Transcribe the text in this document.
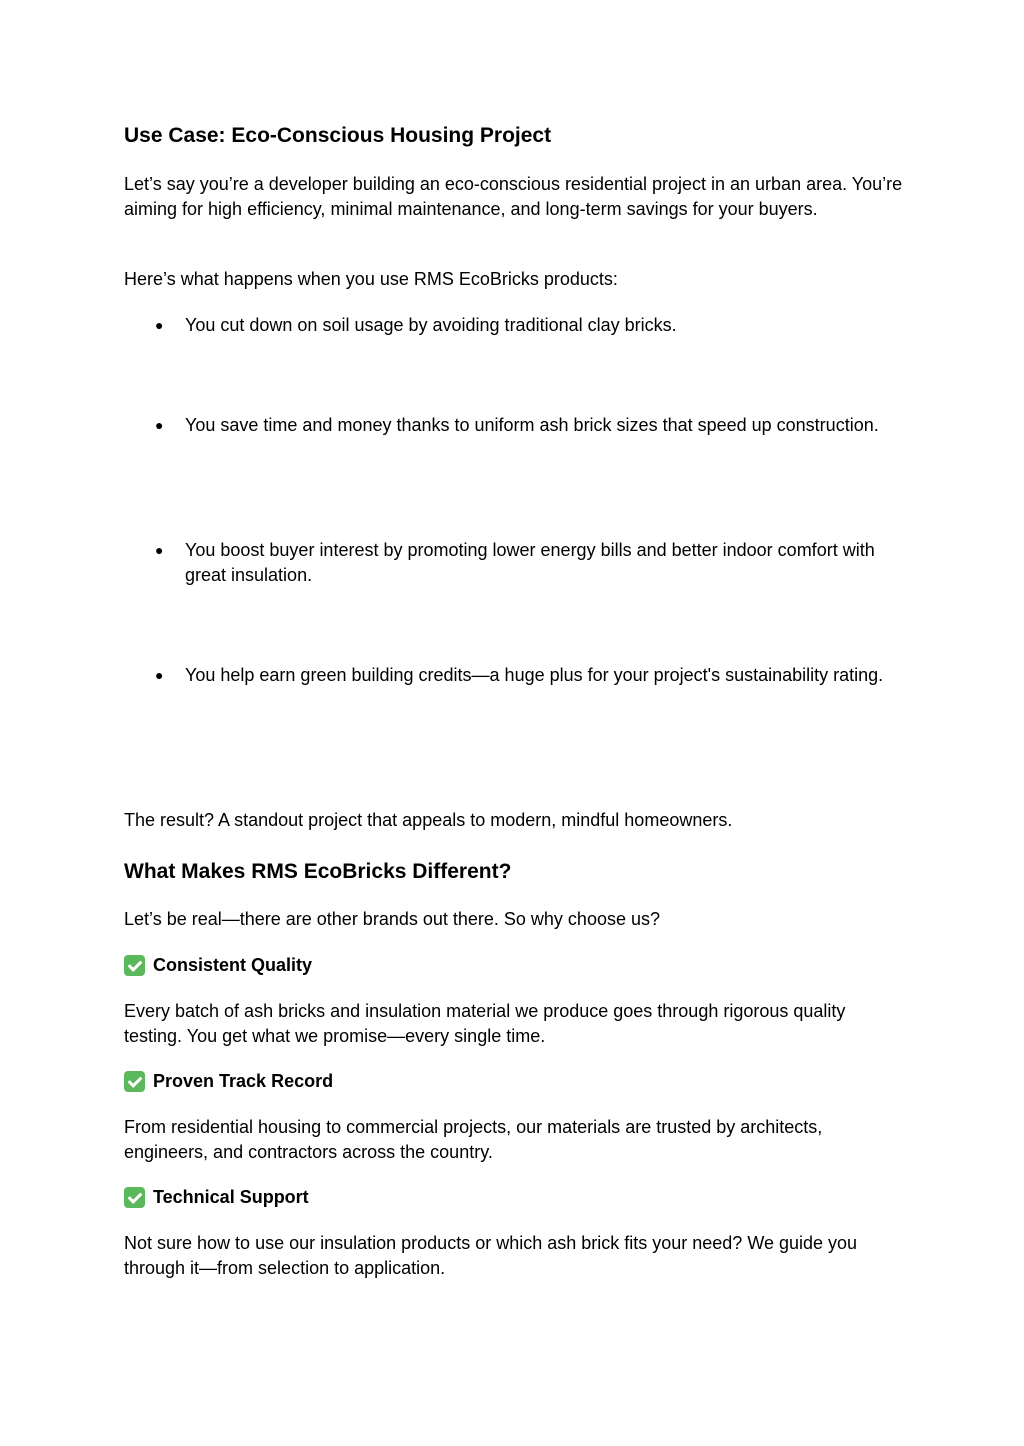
Use Case: Eco-Conscious Housing Project

Let’s say you’re a developer building an eco-conscious residential project in an urban area. You’re aiming for high efficiency, minimal maintenance, and long-term savings for your buyers.

Here’s what happens when you use RMS EcoBricks products:

● You cut down on soil usage by avoiding traditional clay bricks.
● You save time and money thanks to uniform ash brick sizes that speed up construction.
● You boost buyer interest by promoting lower energy bills and better indoor comfort with great insulation.
● You help earn green building credits—a huge plus for your project's sustainability rating.

The result? A standout project that appeals to modern, mindful homeowners.

What Makes RMS EcoBricks Different?

Let’s be real—there are other brands out there. So why choose us?

Consistent Quality

Every batch of ash bricks and insulation material we produce goes through rigorous quality testing. You get what we promise—every single time.

Proven Track Record

From residential housing to commercial projects, our materials are trusted by architects, engineers, and contractors across the country.

Technical Support

Not sure how to use our insulation products or which ash brick fits your need? We guide you through it—from selection to application.
